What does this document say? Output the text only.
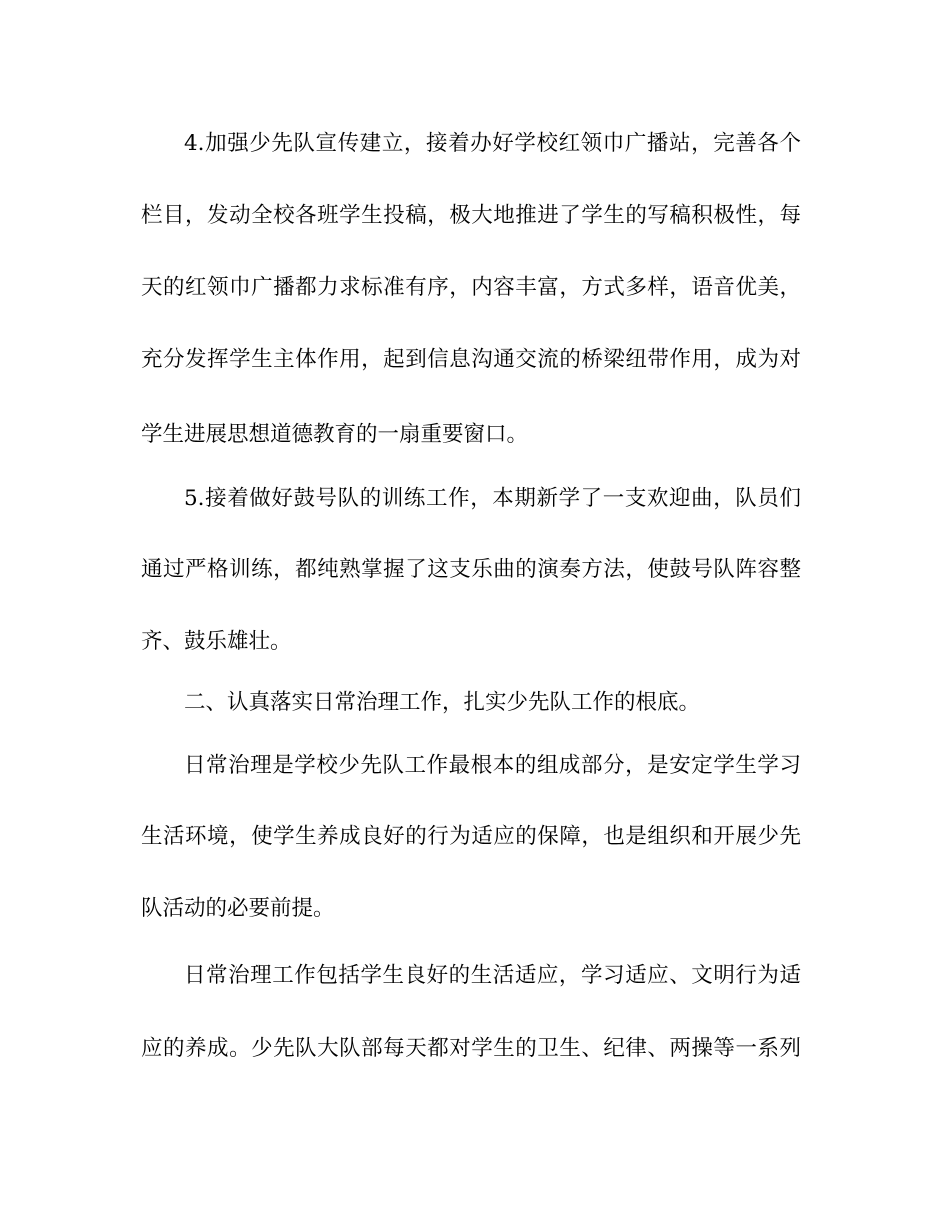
4.加强少先队宣传建立，接着办好学校红领巾广播站，完善各个
栏目，发动全校各班学生投稿，极大地推进了学生的写稿积极性，每
天的红领巾广播都力求标准有序，内容丰富，方式多样，语音优美，
充分发挥学生主体作用，起到信息沟通交流的桥梁纽带作用，成为对
学生进展思想道德教育的一扇重要窗口。
5.接着做好鼓号队的训练工作，本期新学了一支欢迎曲，队员们
通过严格训练，都纯熟掌握了这支乐曲的演奏方法，使鼓号队阵容整
齐、鼓乐雄壮。
二、认真落实日常治理工作，扎实少先队工作的根底。
日常治理是学校少先队工作最根本的组成部分，是安定学生学习
生活环境，使学生养成良好的行为适应的保障，也是组织和开展少先
队活动的必要前提。
日常治理工作包括学生良好的生活适应，学习适应、文明行为适
应的养成。少先队大队部每天都对学生的卫生、纪律、两操等一系列
